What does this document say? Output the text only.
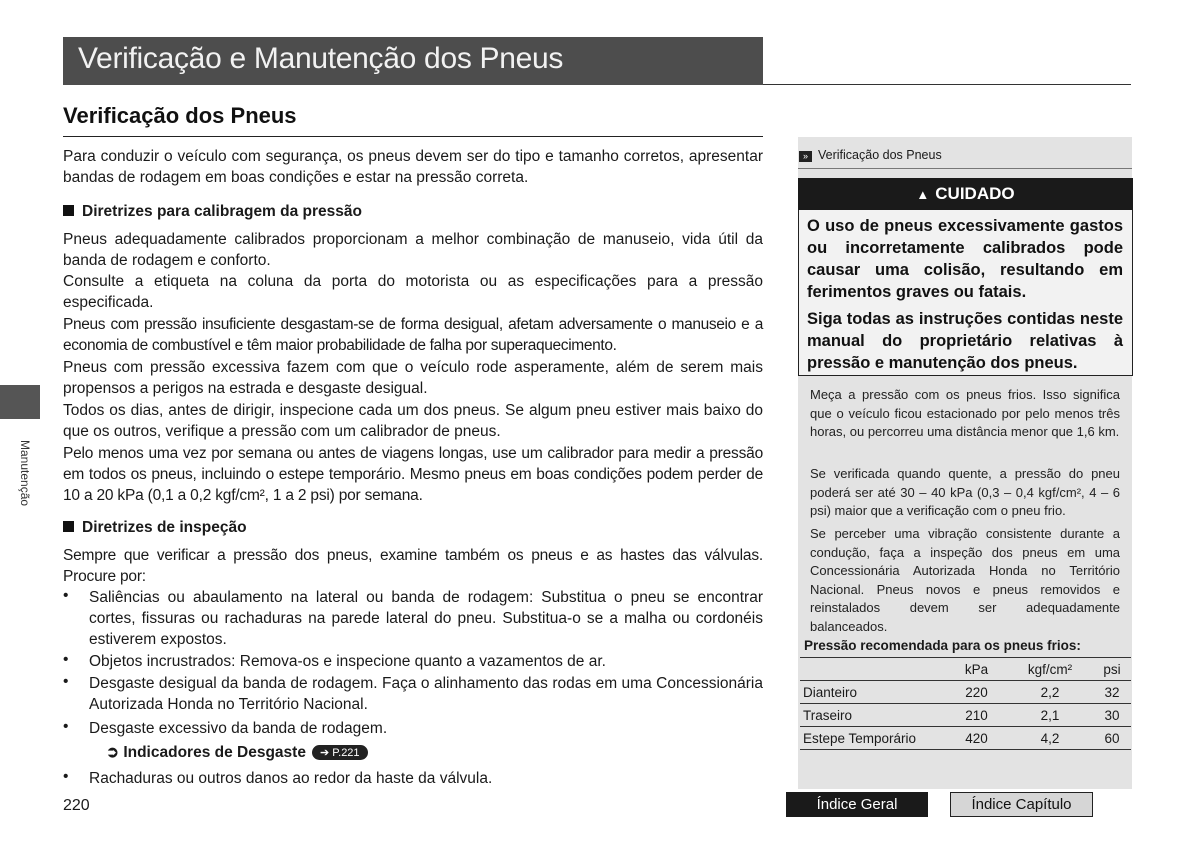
Verificação e Manutenção dos Pneus
Manutenção
Verificação dos Pneus
Para conduzir o veículo com segurança, os pneus devem ser do tipo e tamanho corretos, apresentar bandas de rodagem em boas condições e estar na pressão correta.
Diretrizes para calibragem da pressão
Pneus adequadamente calibrados proporcionam a melhor combinação de manuseio, vida útil da banda de rodagem e conforto.
Consulte a etiqueta na coluna da porta do motorista ou as especificações para a pressão especificada.
Pneus com pressão insuficiente desgastam-se de forma desigual, afetam adversamente o manuseio e a economia de combustível e têm maior probabilidade de falha por superaquecimento.
Pneus com pressão excessiva fazem com que o veículo rode asperamente, além de serem mais propensos a perigos na estrada e desgaste desigual.
Todos os dias, antes de dirigir, inspecione cada um dos pneus. Se algum pneu estiver mais baixo do que os outros, verifique a pressão com um calibrador de pneus.
Pelo menos uma vez por semana ou antes de viagens longas, use um calibrador para medir a pressão em todos os pneus, incluindo o estepe temporário. Mesmo pneus em boas condições podem perder de 10 a 20 kPa (0,1 a 0,2 kgf/cm², 1 a 2 psi) por semana.
Diretrizes de inspeção
Sempre que verificar a pressão dos pneus, examine também os pneus e as hastes das válvulas. Procure por:
• Saliências ou abaulamento na lateral ou banda de rodagem: Substitua o pneu se encontrar cortes, fissuras ou rachaduras na parede lateral do pneu. Substitua-o se a malha ou cordonéis estiverem expostos.
• Objetos incrustrados: Remova-os e inspecione quanto a vazamentos de ar.
• Desgaste desigual da banda de rodagem. Faça o alinhamento das rodas em uma Concessionária Autorizada Honda no Território Nacional.
• Desgaste excessivo da banda de rodagem.
➲ Indicadores de Desgaste ➔ P.221
• Rachaduras ou outros danos ao redor da haste da válvula.
» Verificação dos Pneus
▲ CUIDADO
O uso de pneus excessivamente gastos ou incorretamente calibrados pode causar uma colisão, resultando em ferimentos graves ou fatais.
Siga todas as instruções contidas neste manual do proprietário relativas à pressão e manutenção dos pneus.
Meça a pressão com os pneus frios. Isso significa que o veículo ficou estacionado por pelo menos três horas, ou percorreu uma distância menor que 1,6 km.
Se verificada quando quente, a pressão do pneu poderá ser até 30 – 40 kPa (0,3 – 0,4 kgf/cm², 4 – 6 psi) maior que a verificação com o pneu frio.
Se perceber uma vibração consistente durante a condução, faça a inspeção dos pneus em uma Concessionária Autorizada Honda no Território Nacional. Pneus novos e pneus removidos e reinstalados devem ser adequadamente balanceados.
Pressão recomendada para os pneus frios:
	kPa	kgf/cm²	psi
Dianteiro	220	2,2	32
Traseiro	210	2,1	30
Estepe Temporário	420	4,2	60
220	Índice Geral	Índice Capítulo
